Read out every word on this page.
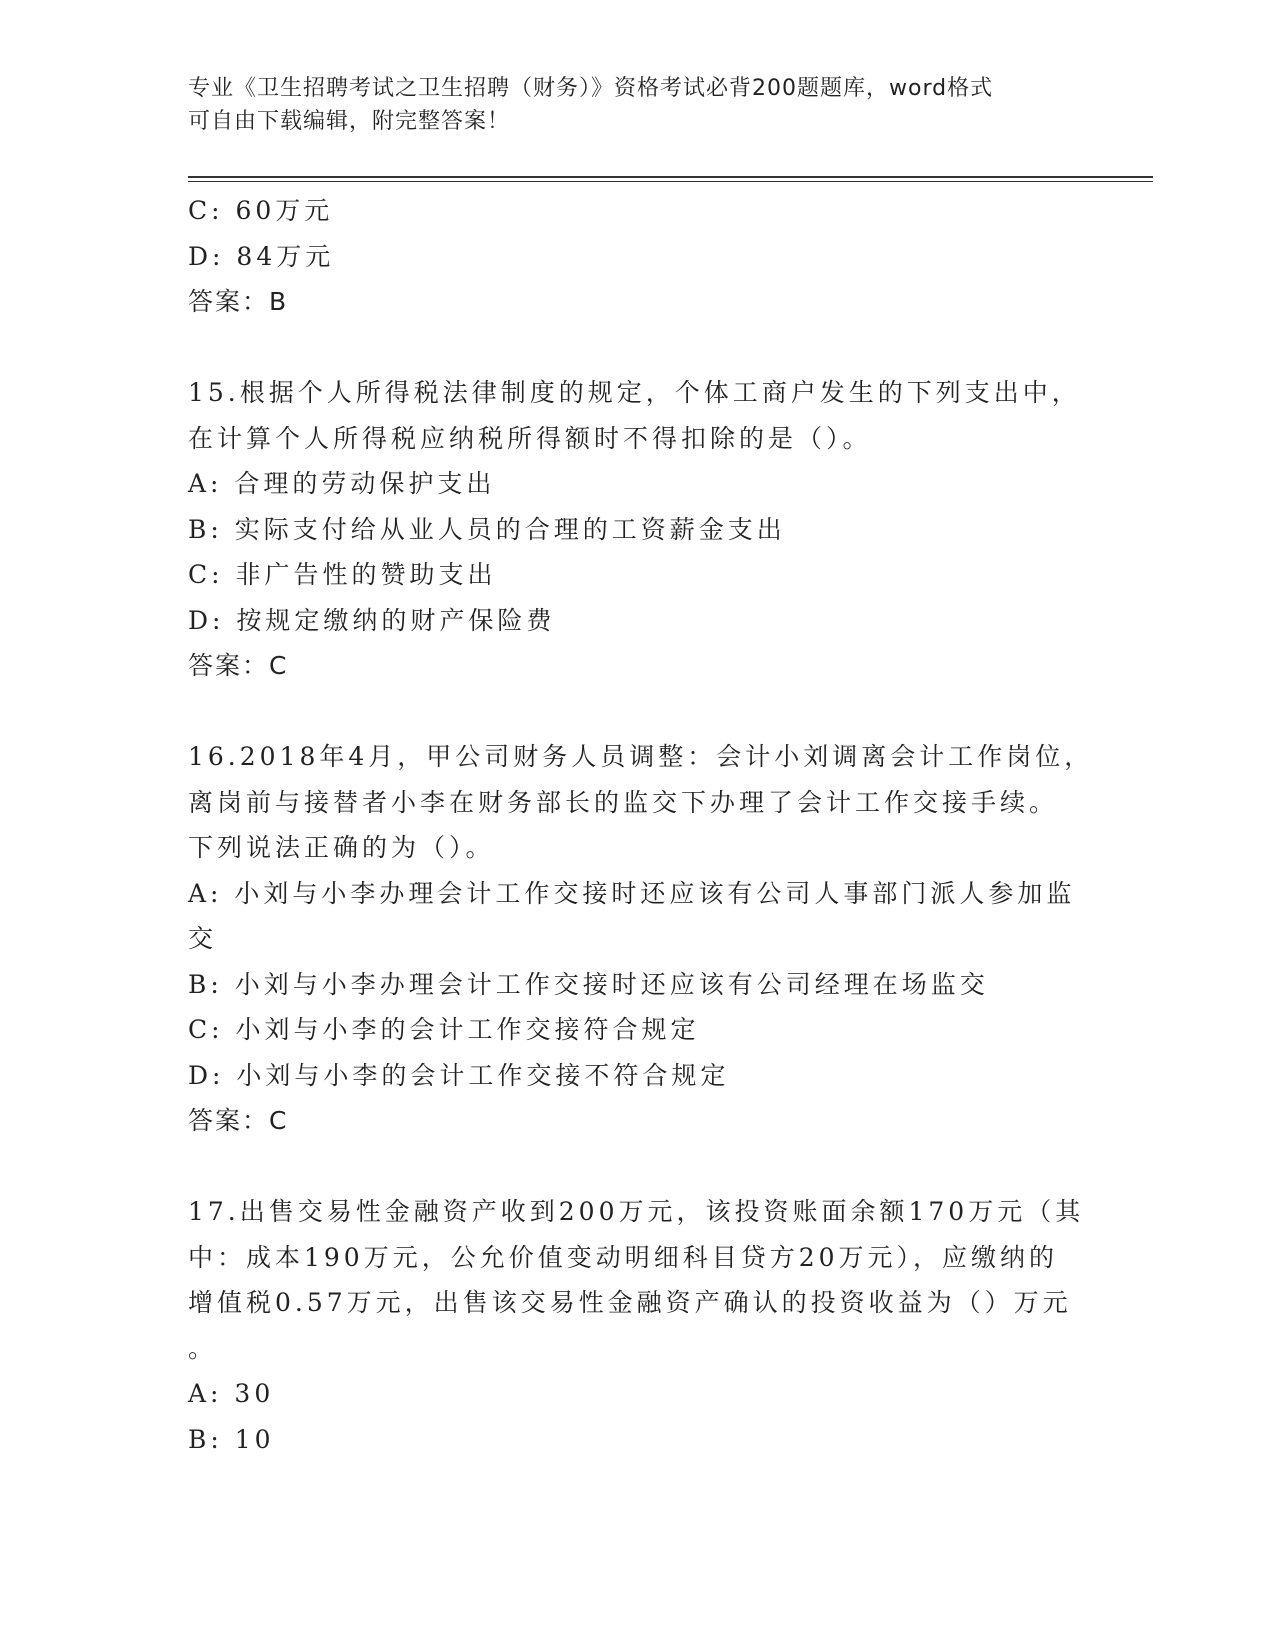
专业《卫生招聘考试之卫生招聘（财务）》资格考试必背200题题库，word格式
可自由下载编辑，附完整答案！
C: 60万元
D: 84万元
答案：B
15.根据个人所得税法律制度的规定，个体工商户发生的下列支出中，
在计算个人所得税应纳税所得额时不得扣除的是（）。
A: 合理的劳动保护支出
B: 实际支付给从业人员的合理的工资薪金支出
C: 非广告性的赞助支出
D: 按规定缴纳的财产保险费
答案：C
16.2018年4月，甲公司财务人员调整：会计小刘调离会计工作岗位，
离岗前与接替者小李在财务部长的监交下办理了会计工作交接手续。
下列说法正确的为（）。
A: 小刘与小李办理会计工作交接时还应该有公司人事部门派人参加监
交
B: 小刘与小李办理会计工作交接时还应该有公司经理在场监交
C: 小刘与小李的会计工作交接符合规定
D: 小刘与小李的会计工作交接不符合规定
答案：C
17.出售交易性金融资产收到200万元，该投资账面余额170万元（其
中：成本190万元，公允价值变动明细科目贷方20万元），应缴纳的
增值税0.57万元，出售该交易性金融资产确认的投资收益为（）万元
。
A: 30
B: 10
